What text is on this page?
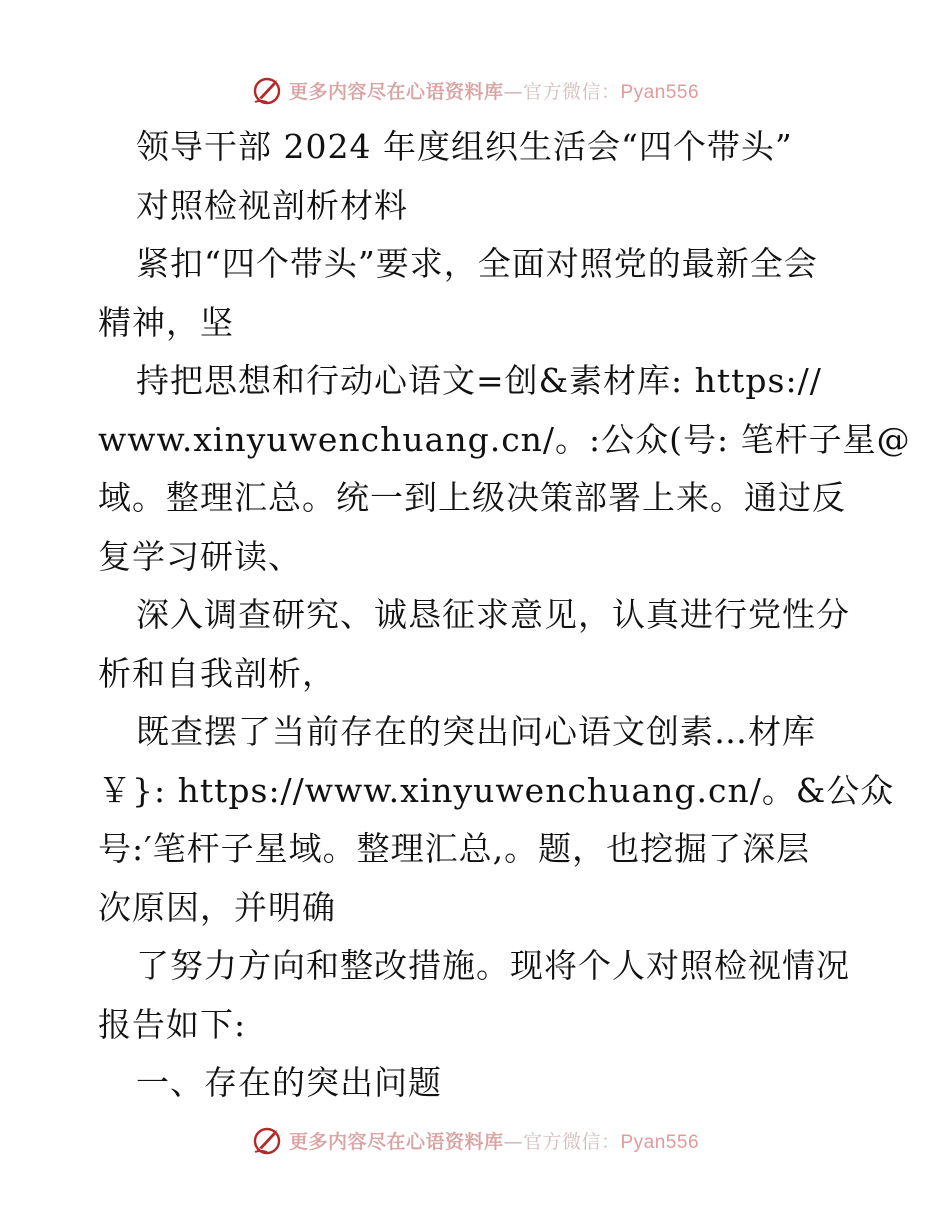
更多内容尽在心语资料库—官方微信：Pyan556
领导干部 2024 年度组织生活会“四个带头”
对照检视剖析材料
紧扣“四个带头”要求，全面对照党的最新全会
精神，坚
持把思想和行动心语文=创&素材库: https://
www.xinyuwenchuang.cn/。:公众(号: 笔杆子星@
域。整理汇总。统一到上级决策部署上来。通过反
复学习研读、
深入调查研究、诚恳征求意见，认真进行党性分
析和自我剖析，
既查摆了当前存在的突出问心语文创素…材库
￥}: https://www.xinyuwenchuang.cn/。&公众
号:′笔杆子星域。整理汇总,。题，也挖掘了深层
次原因，并明确
了努力方向和整改措施。现将个人对照检视情况
报告如下:
一、存在的突出问题
更多内容尽在心语资料库—官方微信：Pyan556
